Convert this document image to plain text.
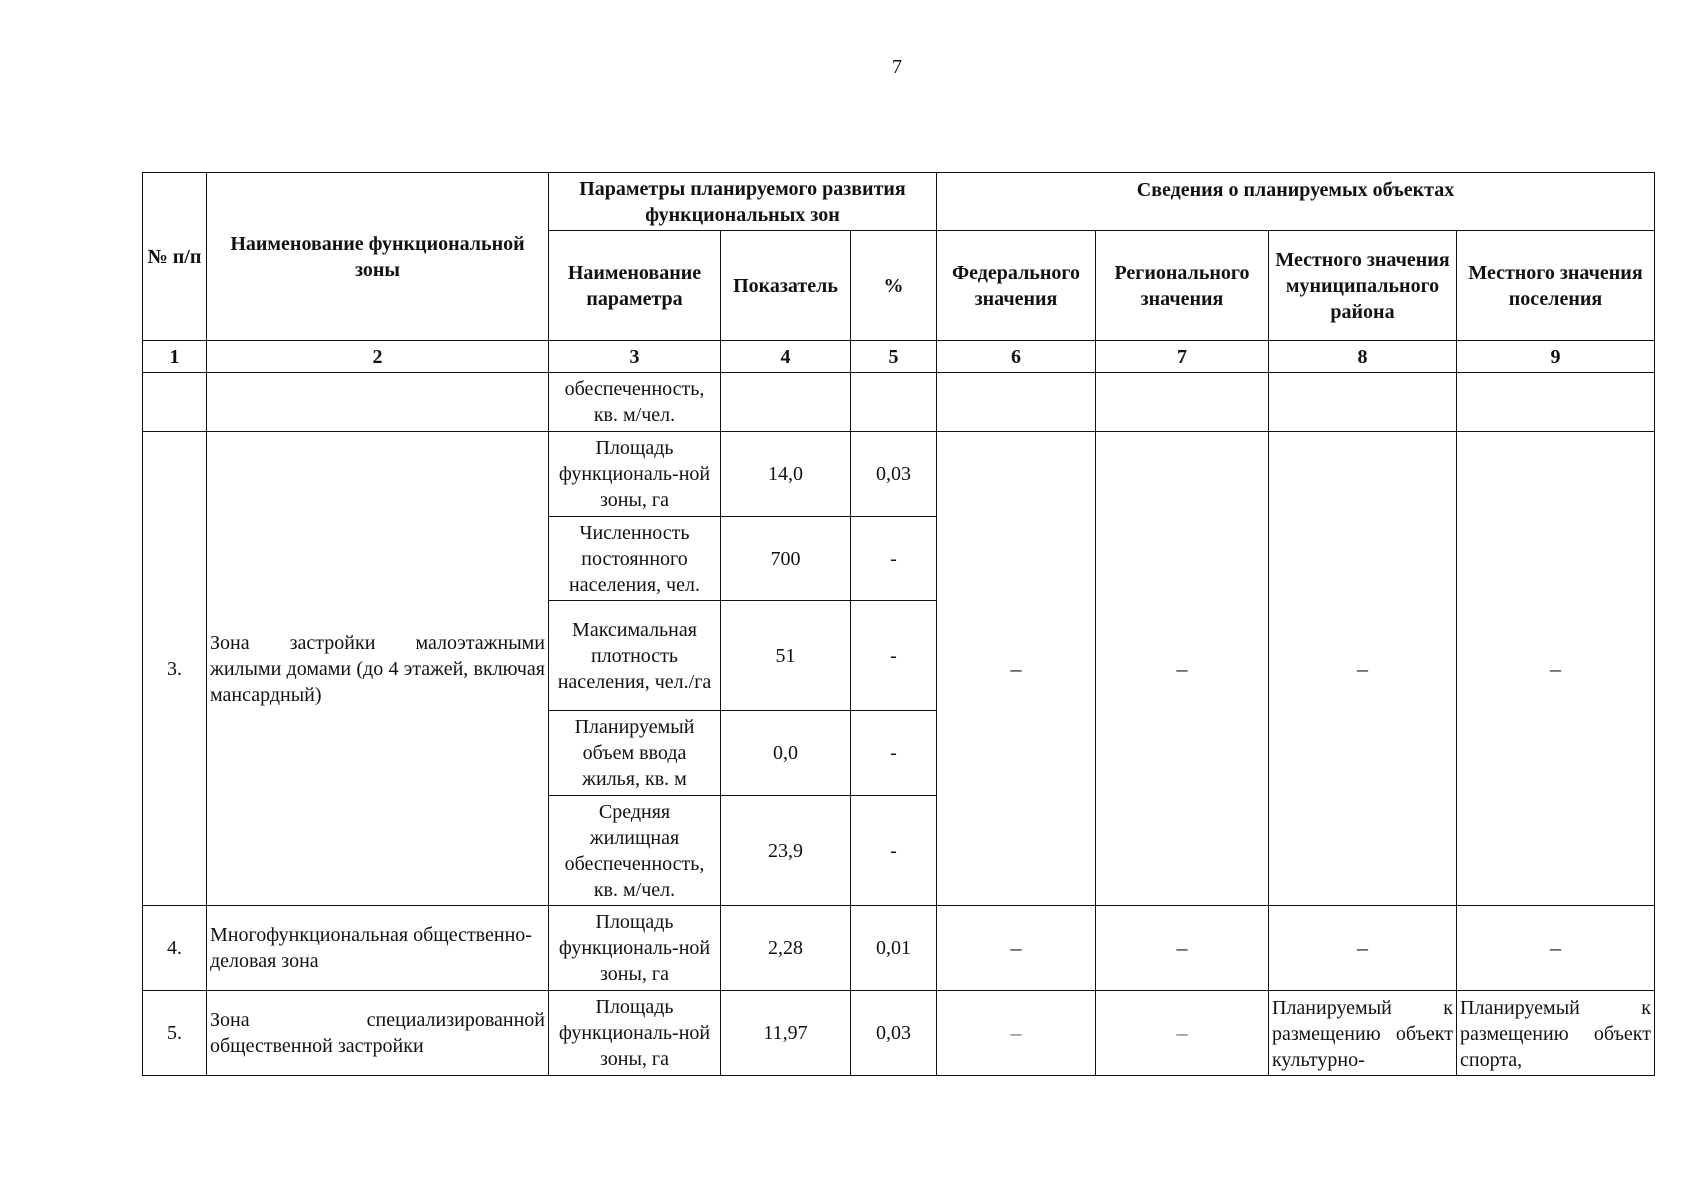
7
№ п/п	Наименование функциональной зоны	Параметры планируемого развития функциональных зон			Сведения о планируемых объектах			
		Наименование параметра	Показатель	%	Федерального значения	Регионального значения	Местного значения муниципального района	Местного значения поселения
1	2	3	4	5	6	7	8	9
		обеспеченность, кв. м/чел.						
3.	Зона застройки малоэтажными жилыми домами (до 4 этажей, включая мансардный)	Площадь функциональ-ной зоны, га	14,0	0,03	–	–	–	–
		Численность постоянного населения, чел.	700	-				
		Максимальная плотность населения, чел./га	51	-				
		Планируемый объем ввода жилья, кв. м	0,0	-				
		Средняя жилищная обеспеченность, кв. м/чел.	23,9	-				
4.	Многофункциональная общественно-деловая зона	Площадь функциональ-ной зоны, га	2,28	0,01	–	–	–	–
5.	Зона специализированной общественной застройки	Площадь функциональ-ной зоны, га	11,97	0,03	–	–	Планируемый к размещению объект культурно-	Планируемый к размещению объект спорта,
